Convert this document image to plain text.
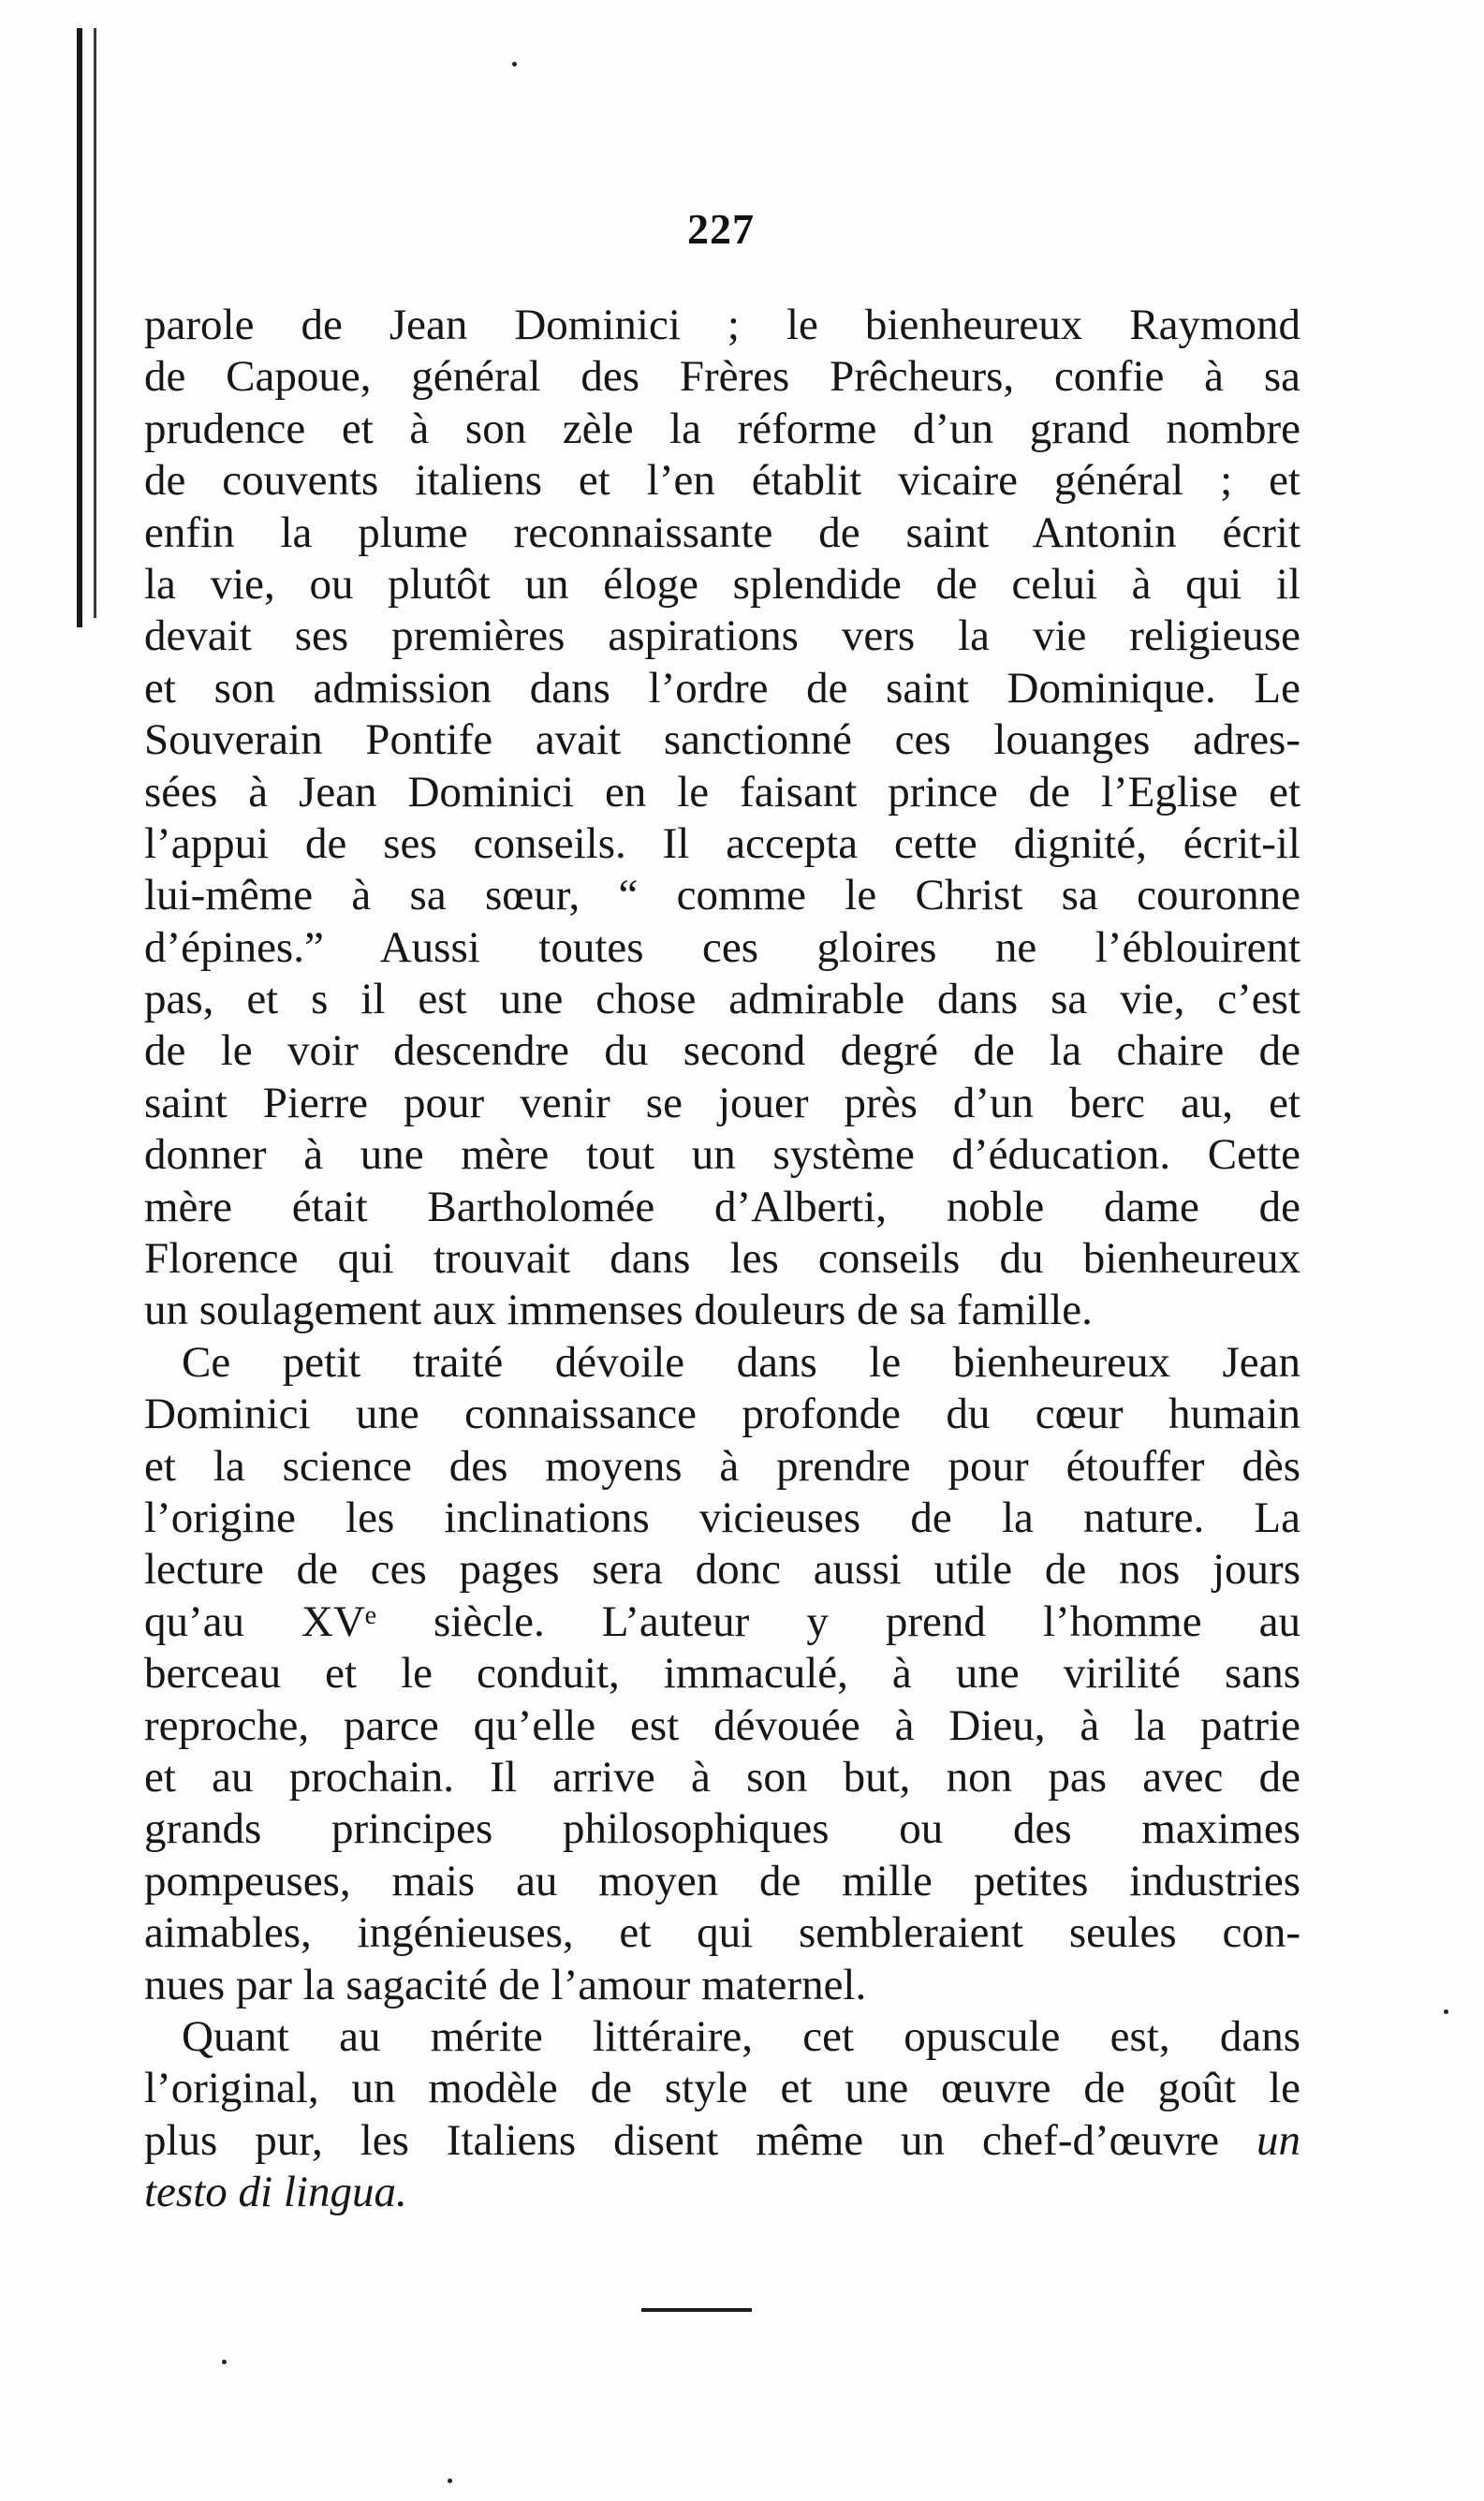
227
parole de Jean Dominici ; le bienheureux Raymond
de Capoue, général des Frères Prêcheurs, confie à sa
prudence et à son zèle la réforme d’un grand nombre
de couvents italiens et l’en établit vicaire général ; et
enfin la plume reconnaissante de saint Antonin écrit
la vie, ou plutôt un éloge splendide de celui à qui il
devait ses premières aspirations vers la vie religieuse
et son admission dans l’ordre de saint Dominique. Le
Souverain Pontife avait sanctionné ces louanges adres-
sées à Jean Dominici en le faisant prince de l’Eglise et
l’appui de ses conseils. Il accepta cette dignité, écrit-il
lui-même à sa sœur, “ comme le Christ sa couronne
d’épines.” Aussi toutes ces gloires ne l’éblouirent
pas, et s il est une chose admirable dans sa vie, c’est
de le voir descendre du second degré de la chaire de
saint Pierre pour venir se jouer près d’un berc au, et
donner à une mère tout un système d’éducation. Cette
mère était Bartholomée d’Alberti, noble dame de
Florence qui trouvait dans les conseils du bienheureux
un soulagement aux immenses douleurs de sa famille.
Ce petit traité dévoile dans le bienheureux Jean
Dominici une connaissance profonde du cœur humain
et la science des moyens à prendre pour étouffer dès
l’origine les inclinations vicieuses de la nature. La
lecture de ces pages sera donc aussi utile de nos jours
qu’au XVᵉ siècle. L’auteur y prend l’homme au
berceau et le conduit, immaculé, à une virilité sans
reproche, parce qu’elle est dévouée à Dieu, à la patrie
et au prochain. Il arrive à son but, non pas avec de
grands principes philosophiques ou des maximes
pompeuses, mais au moyen de mille petites industries
aimables, ingénieuses, et qui sembleraient seules con-
nues par la sagacité de l’amour maternel.
Quant au mérite littéraire, cet opuscule est, dans
l’original, un modèle de style et une œuvre de goût le
plus pur, les Italiens disent même un chef-d’œuvre un
testo di lingua.
